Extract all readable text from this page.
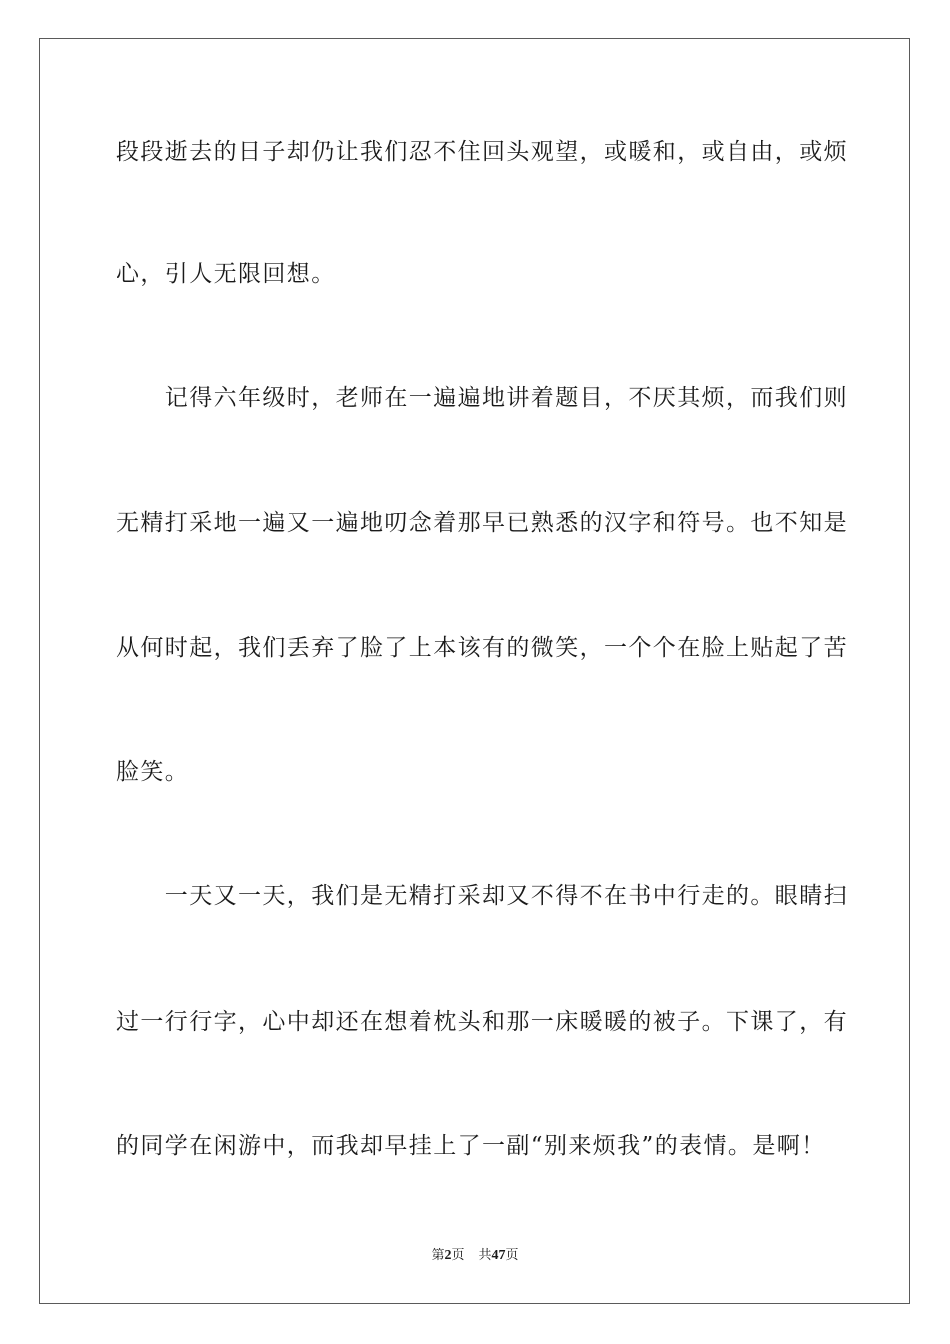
段段逝去的日子却仍让我们忍不住回头观望，或暖和，或自由，或烦
心，引人无限回想。
　　记得六年级时，老师在一遍遍地讲着题目，不厌其烦，而我们则
无精打采地一遍又一遍地叨念着那早已熟悉的汉字和符号。也不知是
从何时起，我们丢弃了脸了上本该有的微笑，一个个在脸上贴起了苦
脸笑。
　　一天又一天，我们是无精打采却又不得不在书中行走的。眼睛扫
过一行行字，心中却还在想着枕头和那一床暖暖的被子。下课了，有
的同学在闲游中，而我却早挂上了一副“别来烦我”的表情。是啊！
第2页 共47页
